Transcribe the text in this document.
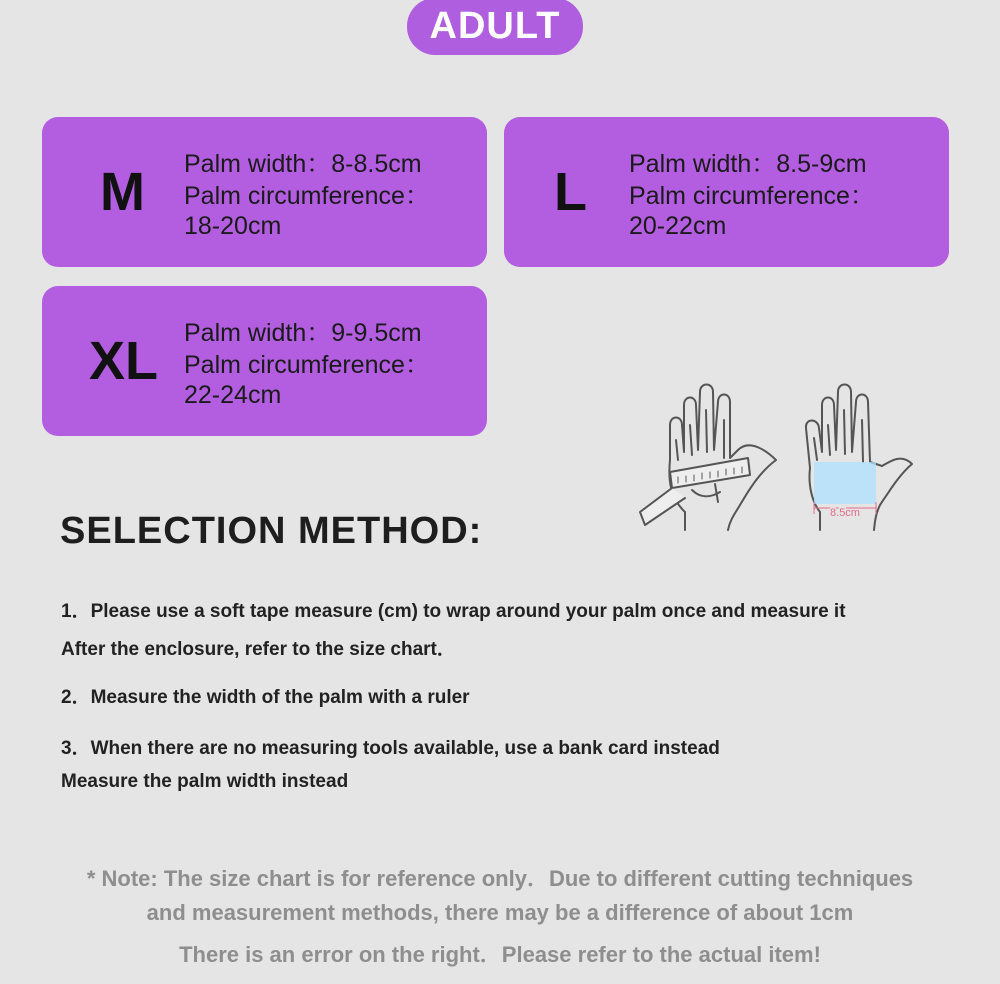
ADULT
M Palm width：8-8.5cm
Palm circumference：
18-20cm
L Palm width：8.5-9cm
Palm circumference：
20-22cm
XL Palm width：9-9.5cm
Palm circumference：
22-24cm
8.5cm
SELECTION METHOD:
1．Please use a soft tape measure (cm) to wrap around your palm once and measure it
After the enclosure, refer to the size chart．
2．Measure the width of the palm with a ruler
3．When there are no measuring tools available, use a bank card instead
Measure the palm width instead
* Note: The size chart is for reference only．Due to different cutting techniques
and measurement methods, there may be a difference of about 1cm
There is an error on the right．Please refer to the actual item!
